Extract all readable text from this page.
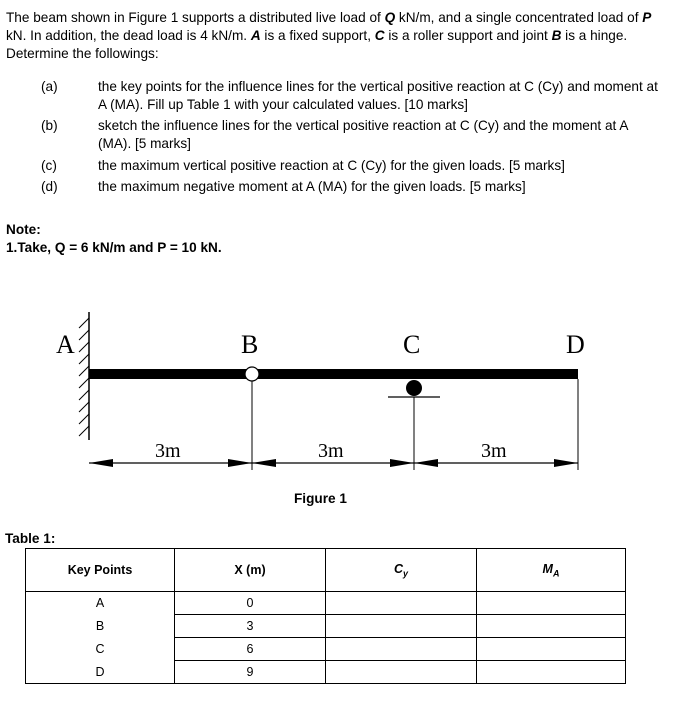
The beam shown in Figure 1 supports a distributed live load of Q kN/m, and a single concentrated load of P kN. In addition, the dead load is 4 kN/m. A is a fixed support, C is a roller support and joint B is a hinge. Determine the followings:
(a)	the key points for the influence lines for the vertical positive reaction at C (Cy) and moment at A (MA). Fill up Table 1 with your calculated values. [10 marks]
(b)	sketch the influence lines for the vertical positive reaction at C (Cy) and the moment at A (MA). [5 marks]
(c)	the maximum vertical positive reaction at C (Cy) for the given loads. [5 marks]
(d)	the maximum negative moment at A (MA) for the given loads. [5 marks]
Note:
1.Take, Q = 6 kN/m and P = 10 kN.
A	B	C	D
3m	3m	3m
Figure 1
Table 1:
Key Points	X (m)	$C_y$	$M_A$
A	0		
B	3		
C	6		
D	9		
